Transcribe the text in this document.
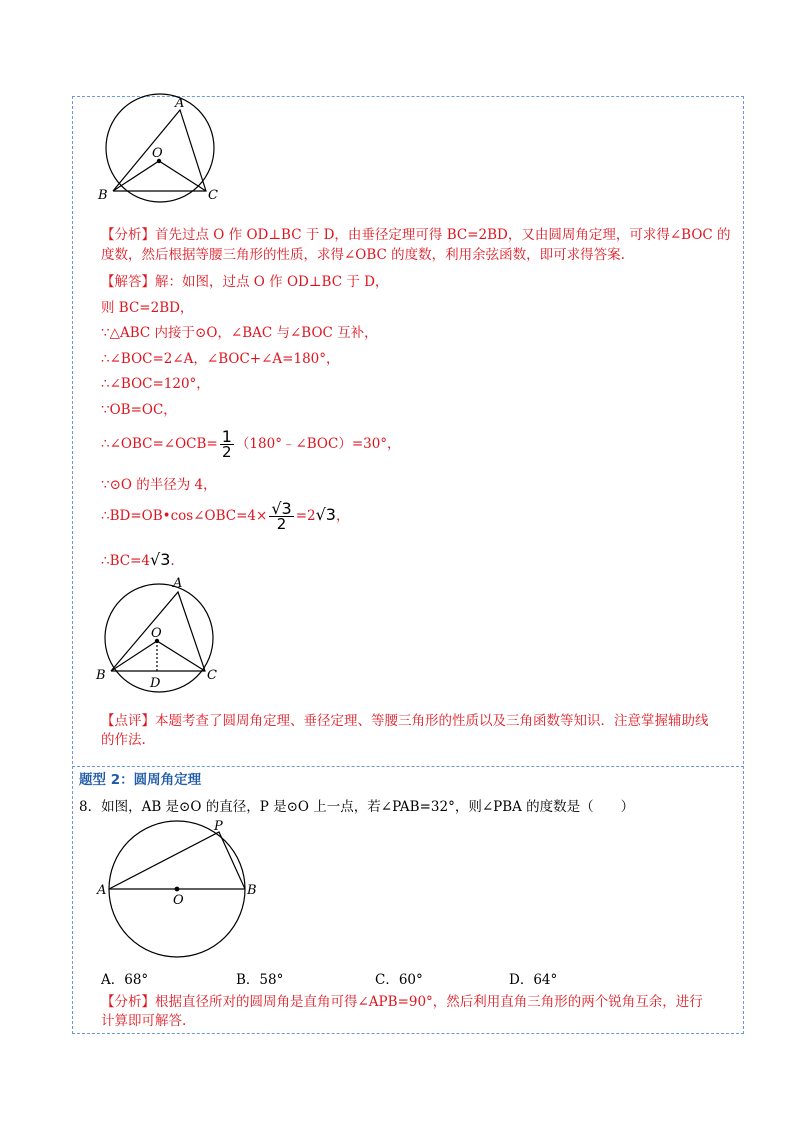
A
B	C
O
【分析】首先过点 O 作 OD⊥BC 于 D，由垂径定理可得 BC=2BD，又由圆周角定理，可求得∠BOC 的
度数，然后根据等腰三角形的性质，求得∠OBC 的度数，利用余弦函数，即可求得答案.
【解答】解：如图，过点 O 作 OD⊥BC 于 D，
则 BC=2BD，
∵△ABC 内接于⊙O，∠BAC 与∠BOC 互补，
∴∠BOC=2∠A，∠BOC+∠A=180°，
∴∠BOC=120°，
∵OB=OC，
∴∠OBC=∠OCB= $\frac{1}{2}$ （180°﹣∠BOC）=30°，
∵⊙O 的半径为 4，
∴BD=OB•cos∠OBC=4× $\frac{√3}{2} =2√3$，
∴BC=4√3.
A
B	C
O
D
【点评】本题考查了圆周角定理、垂径定理、等腰三角形的性质以及三角函数等知识．注意掌握辅助线
的作法.
题型 2：圆周角定理
8．如图，AB 是⊙O 的直径，P 是⊙O 上一点，若∠PAB=32°，则∠PBA 的度数是（　　）
P
A	B
O
A．68°	B．58°	C．60°	D．64°
【分析】根据直径所对的圆周角是直角可得∠APB=90°，然后利用直角三角形的两个锐角互余，进行
计算即可解答.
